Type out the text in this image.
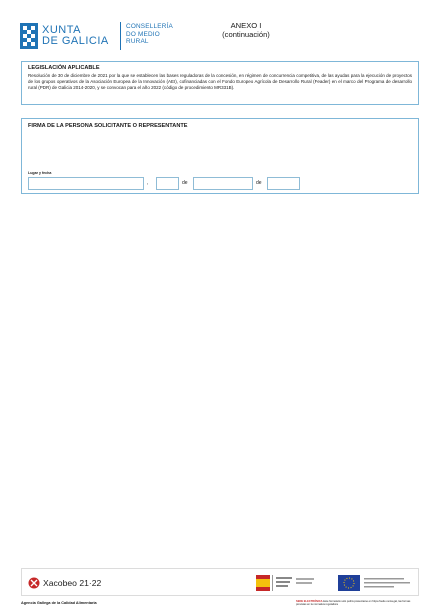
XUNTA
DE GALICIA
CONSELLERÍA
DO MEDIO
RURAL
ANEXO I
(continuación)
LEGISLACIÓN APLICABLE
Resolución de 30 de diciembre de 2021 por la que se establecen las bases reguladoras de la concesión, en régimen de concurrencia competitiva, de las ayudas para la ejecución de proyectos de los grupos operativos de la Asociación Europea de la Innovación (AEI), cofinanciadas con el Fondo Europeo Agrícola de Desarrollo Rural (Feader) en el marco del Programa de desarrollo rural (PDR) de Galicia 2014-2020, y se convocan para el año 2022 (código de procedimiento MR331B).
FIRMA DE LA PERSONA SOLICITANTE O REPRESENTANTE
Lugar y fecha
,	de	de
Xacobeo 21·22
Agencia Gallega de la Calidad Alimentaria	SEDE ELECTRÓNICA Este formulario solo podrá presentarse en https://sede.xunta.gal, las formas previstas en la normativa reguladora
